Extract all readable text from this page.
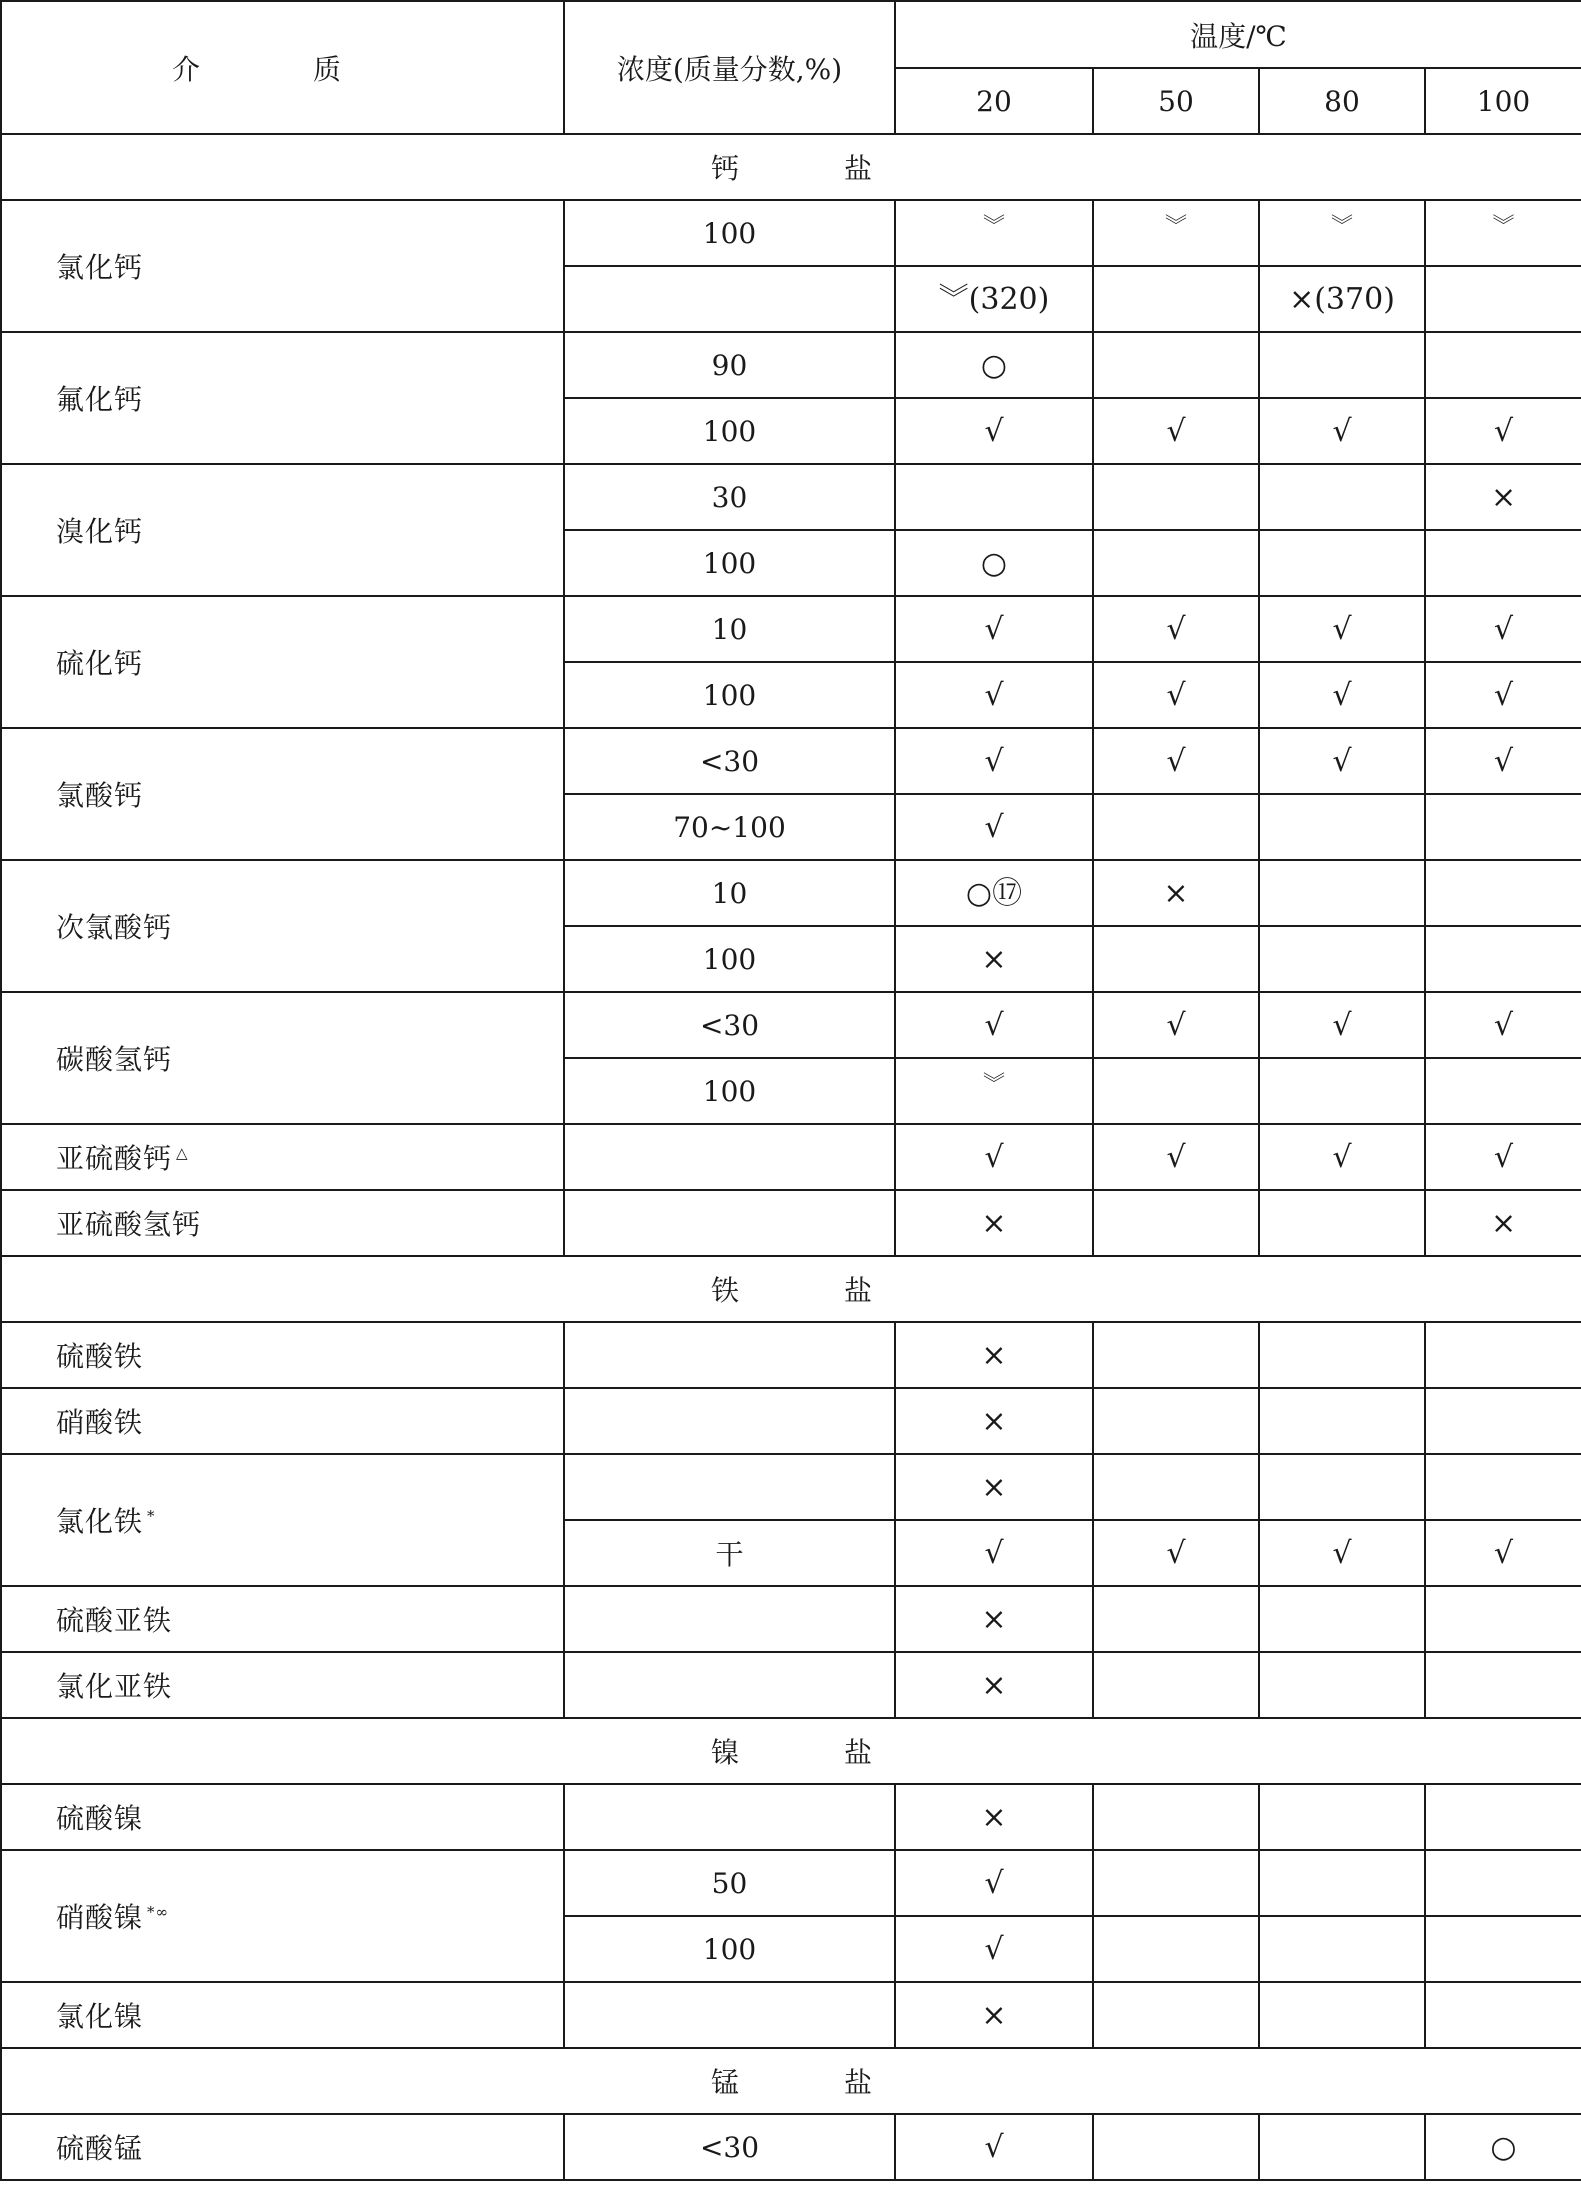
介 质	浓度(质量分数,%)	温度/℃			
		20	50	80	100
钙 盐					
氯化钙	100	︾	︾	︾	︾
		︾(320)		×(370)	
氟化钙	90	○			
	100	√	√	√	√
溴化钙	30				×
	100	○			
硫化钙	10	√	√	√	√
	100	√	√	√	√
氯酸钙	<30	√	√	√	√
	70~100	√			
次氯酸钙	10	○⑰	×		
	100	×			
碳酸氢钙	<30	√	√	√	√
	100	︾			
亚硫酸钙 △		√	√	√	√
亚硫酸氢钙		×			×
铁 盐					
硫酸铁		×			
硝酸铁		×			
氯化铁 *		×			
	干	√	√	√	√
硫酸亚铁		×			
氯化亚铁		×			
镍 盐					
硫酸镍		×			
硝酸镍 *∞	50	√			
	100	√			
氯化镍		×			
锰 盐					
硫酸锰	<30	√			○
